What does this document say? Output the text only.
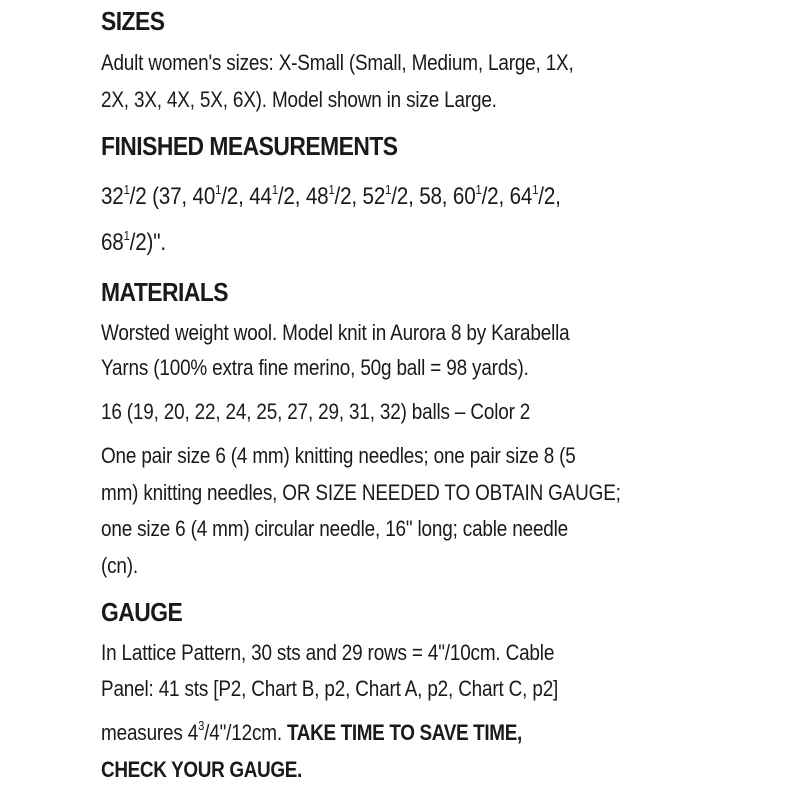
SIZES
Adult women's sizes: X-Small (Small, Medium, Large, 1X,
2X, 3X, 4X, 5X, 6X). Model shown in size Large.
FINISHED MEASUREMENTS
$32^1/2$ (37, $40^1/2$, $44^1/2$, $48^1/2$, $52^1/2$, 58, $60^1/2$, $64^1/2$,
$68^1/2$)".
MATERIALS
Worsted weight wool. Model knit in Aurora 8 by Karabella
Yarns (100% extra fine merino, 50g ball = 98 yards).
16 (19, 20, 22, 24, 25, 27, 29, 31, 32) balls – Color 2
One pair size 6 (4 mm) knitting needles; one pair size 8 (5
mm) knitting needles, OR SIZE NEEDED TO OBTAIN GAUGE;
one size 6 (4 mm) circular needle, 16" long; cable needle
(cn).
GAUGE
In Lattice Pattern, 30 sts and 29 rows = 4"/10cm. Cable
Panel: 41 sts [P2, Chart B, p2, Chart A, p2, Chart C, p2]
measures $4^3/4"/12cm$. TAKE TIME TO SAVE TIME,
CHECK YOUR GAUGE.
